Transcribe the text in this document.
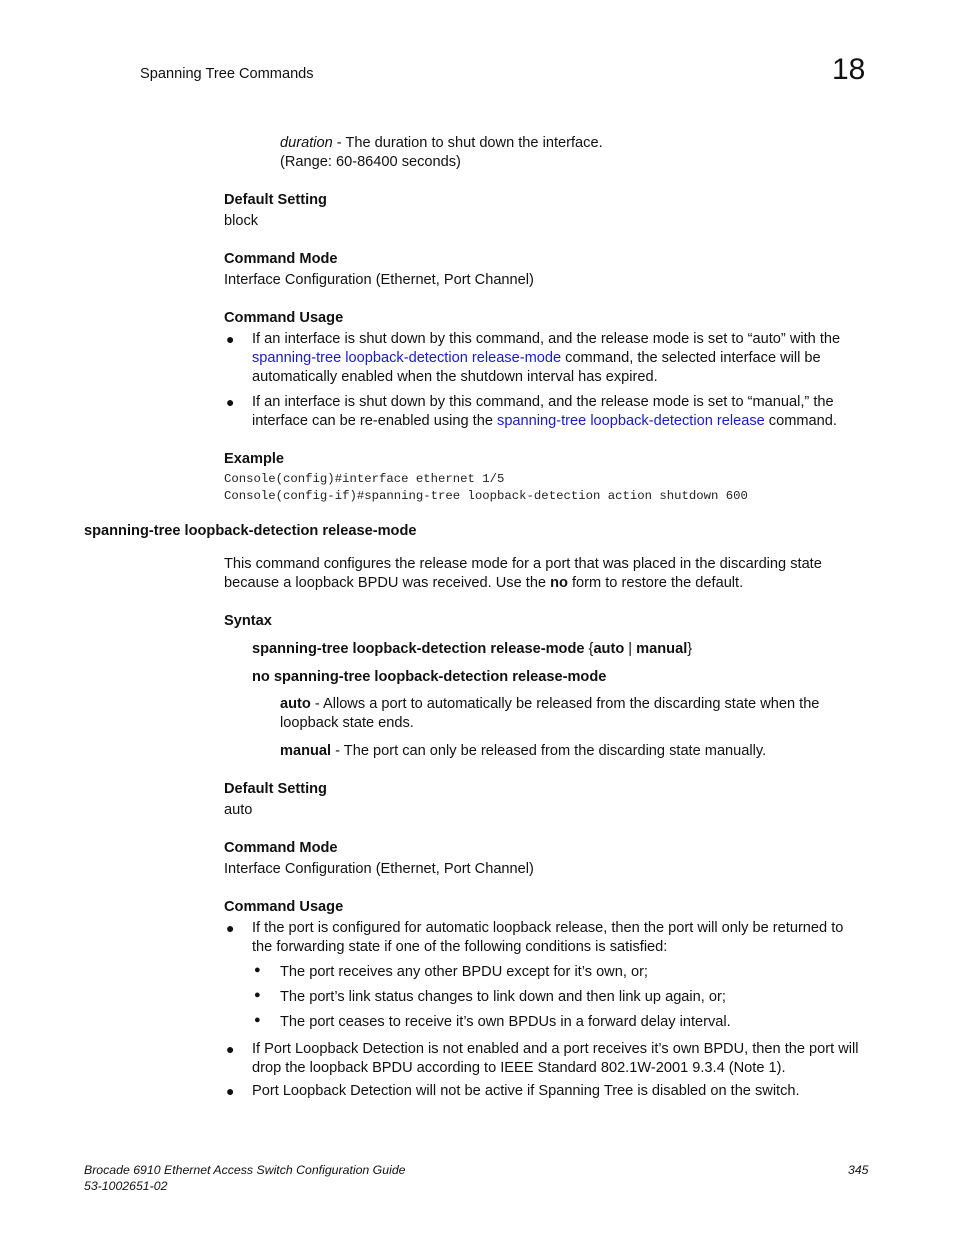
Spanning Tree Commands	18
duration - The duration to shut down the interface.
(Range: 60-86400 seconds)
Default Setting
block
Command Mode
Interface Configuration (Ethernet, Port Channel)
Command Usage
● If an interface is shut down by this command, and the release mode is set to “auto” with the
spanning-tree loopback-detection release-mode command, the selected interface will be
automatically enabled when the shutdown interval has expired.
● If an interface is shut down by this command, and the release mode is set to “manual,” the
interface can be re-enabled using the spanning-tree loopback-detection release command.
Example
Console(config)#interface ethernet 1/5
Console(config-if)#spanning-tree loopback-detection action shutdown 600
spanning-tree loopback-detection release-mode
This command configures the release mode for a port that was placed in the discarding state
because a loopback BPDU was received. Use the no form to restore the default.
Syntax
spanning-tree loopback-detection release-mode {auto | manual}
no spanning-tree loopback-detection release-mode
auto - Allows a port to automatically be released from the discarding state when the
loopback state ends.
manual - The port can only be released from the discarding state manually.
Default Setting
auto
Command Mode
Interface Configuration (Ethernet, Port Channel)
Command Usage
● If the port is configured for automatic loopback release, then the port will only be returned to
the forwarding state if one of the following conditions is satisfied:
● The port receives any other BPDU except for it’s own, or;
● The port’s link status changes to link down and then link up again, or;
● The port ceases to receive it’s own BPDUs in a forward delay interval.
● If Port Loopback Detection is not enabled and a port receives it’s own BPDU, then the port will
drop the loopback BPDU according to IEEE Standard 802.1W-2001 9.3.4 (Note 1).
● Port Loopback Detection will not be active if Spanning Tree is disabled on the switch.
Brocade 6910 Ethernet Access Switch Configuration Guide
53-1002651-02
345
